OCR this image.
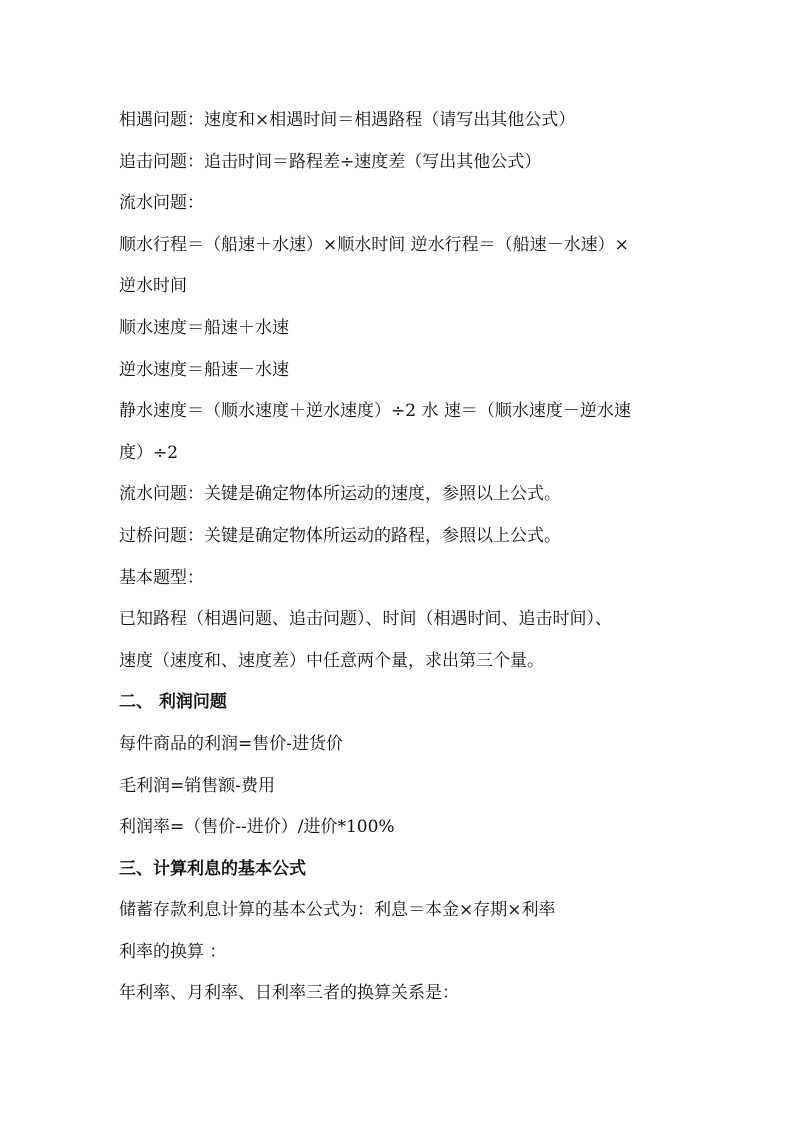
相遇问题：速度和×相遇时间＝相遇路程（请写出其他公式）
追击问题：追击时间＝路程差÷速度差（写出其他公式）
流水问题：
顺水行程＝（船速＋水速）×顺水时间 逆水行程＝（船速－水速）×
逆水时间
顺水速度＝船速＋水速
逆水速度＝船速－水速
静水速度＝（顺水速度＋逆水速度）÷2 水 速＝（顺水速度－逆水速
度）÷2
流水问题：关键是确定物体所运动的速度，参照以上公式。
过桥问题：关键是确定物体所运动的路程，参照以上公式。
基本题型：
已知路程（相遇问题、追击问题）、时间（相遇时间、追击时间）、
速度（速度和、速度差）中任意两个量，求出第三个量。
二、 利润问题
每件商品的利润=售价-进货价
毛利润=销售额-费用
利润率=（售价--进价）/进价*100%
三、计算利息的基本公式
储蓄存款利息计算的基本公式为：利息＝本金×存期×利率
利率的换算 ：
年利率、月利率、日利率三者的换算关系是：
